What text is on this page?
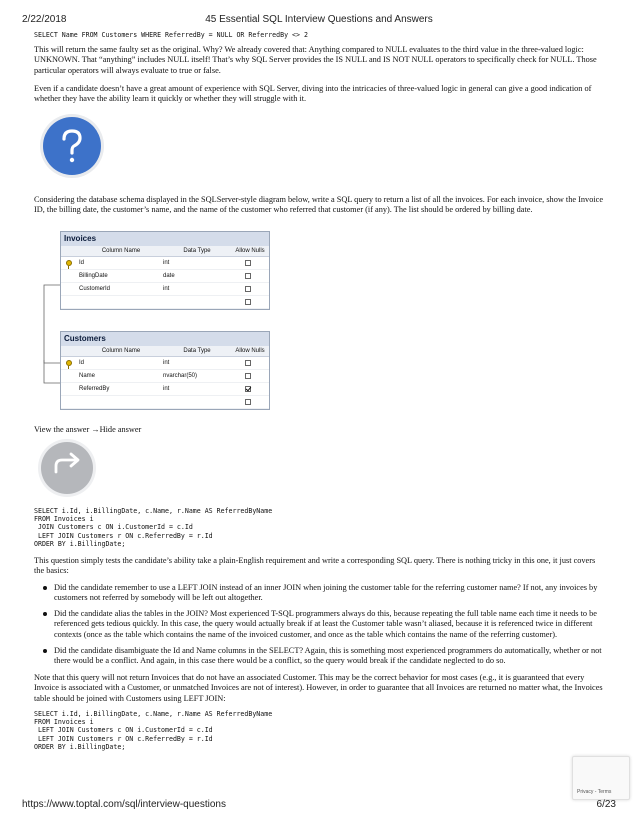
2/22/2018	45 Essential SQL Interview Questions and Answers
SELECT Name FROM Customers WHERE ReferredBy = NULL OR ReferredBy <> 2
This will return the same faulty set as the original. Why? We already covered that: Anything compared to NULL evaluates to the third value in the three-valued logic: UNKNOWN. That “anything” includes NULL itself! That’s why SQL Server provides the IS NULL and IS NOT NULL operators to specifically check for NULL. Those particular operators will always evaluate to true or false.
Even if a candidate doesn’t have a great amount of experience with SQL Server, diving into the intricacies of three-valued logic in general can give a good indication of whether they have the ability learn it quickly or whether they will struggle with it.
Considering the database schema displayed in the SQLServer-style diagram below, write a SQL query to return a list of all the invoices. For each invoice, show the Invoice ID, the billing date, the customer’s name, and the name of the customer who referred that customer (if any). The list should be ordered by billing date.
Invoices
Column Name	Data Type	Allow Nulls
Id	int
BillingDate	date
CustomerId	int
Customers
Column Name	Data Type	Allow Nulls
Id	int
Name	nvarchar(50)
ReferredBy	int
View the answer →Hide answer
SELECT i.Id, i.BillingDate, c.Name, r.Name AS ReferredByName
FROM Invoices i
JOIN Customers c ON i.CustomerId = c.Id
LEFT JOIN Customers r ON c.ReferredBy = r.Id
ORDER BY i.BillingDate;
This question simply tests the candidate’s ability take a plain-English requirement and write a corresponding SQL query. There is nothing tricky in this one, it just covers the basics:
Did the candidate remember to use a LEFT JOIN instead of an inner JOIN when joining the customer table for the referring customer name? If not, any invoices by customers not referred by somebody will be left out altogether.
Did the candidate alias the tables in the JOIN? Most experienced T-SQL programmers always do this, because repeating the full table name each time it needs to be referenced gets tedious quickly. In this case, the query would actually break if at least the Customer table wasn’t aliased, because it is referenced twice in different contexts (once as the table which contains the name of the invoiced customer, and once as the table which contains the name of the referring customer).
Did the candidate disambiguate the Id and Name columns in the SELECT? Again, this is something most experienced programmers do automatically, whether or not there would be a conflict. And again, in this case there would be a conflict, so the query would break if the candidate neglected to do so.
Note that this query will not return Invoices that do not have an associated Customer. This may be the correct behavior for most cases (e.g., it is guaranteed that every Invoice is associated with a Customer, or unmatched Invoices are not of interest). However, in order to guarantee that all Invoices are returned no matter what, the Invoices table should be joined with Customers using LEFT JOIN:
SELECT i.Id, i.BillingDate, c.Name, r.Name AS ReferredByName
FROM Invoices i
LEFT JOIN Customers c ON i.CustomerId = c.Id
LEFT JOIN Customers r ON c.ReferredBy = r.Id
ORDER BY i.BillingDate;
Privacy - Terms
https://www.toptal.com/sql/interview-questions	6/23
